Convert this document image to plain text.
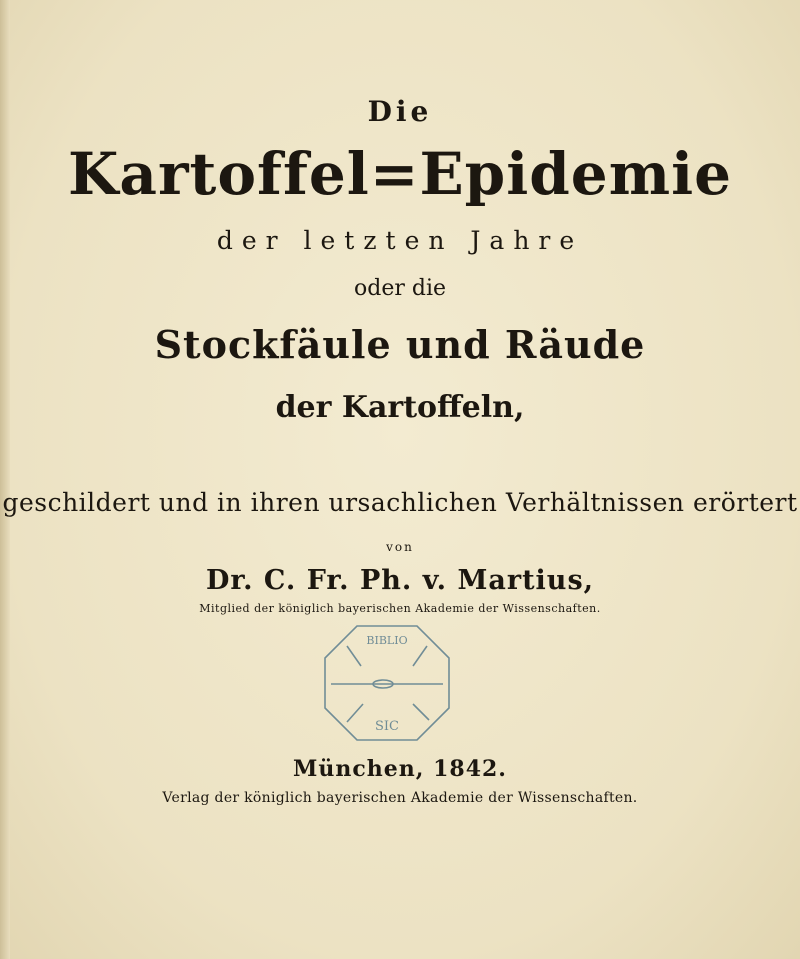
Die
Kartoffel=Epidemie
der letzten Jahre
oder die
Stockfäule und Räude
der Kartoffeln,
geschildert und in ihren ursachlichen Verhältnissen erörtert
von
Dr. C. Fr. Ph. v. Martius,
Mitglied der königlich bayerischen Akademie der Wissenschaften.
SIC
BIBLIO
München, 1842.
Verlag der königlich bayerischen Akademie der Wissenschaften.
